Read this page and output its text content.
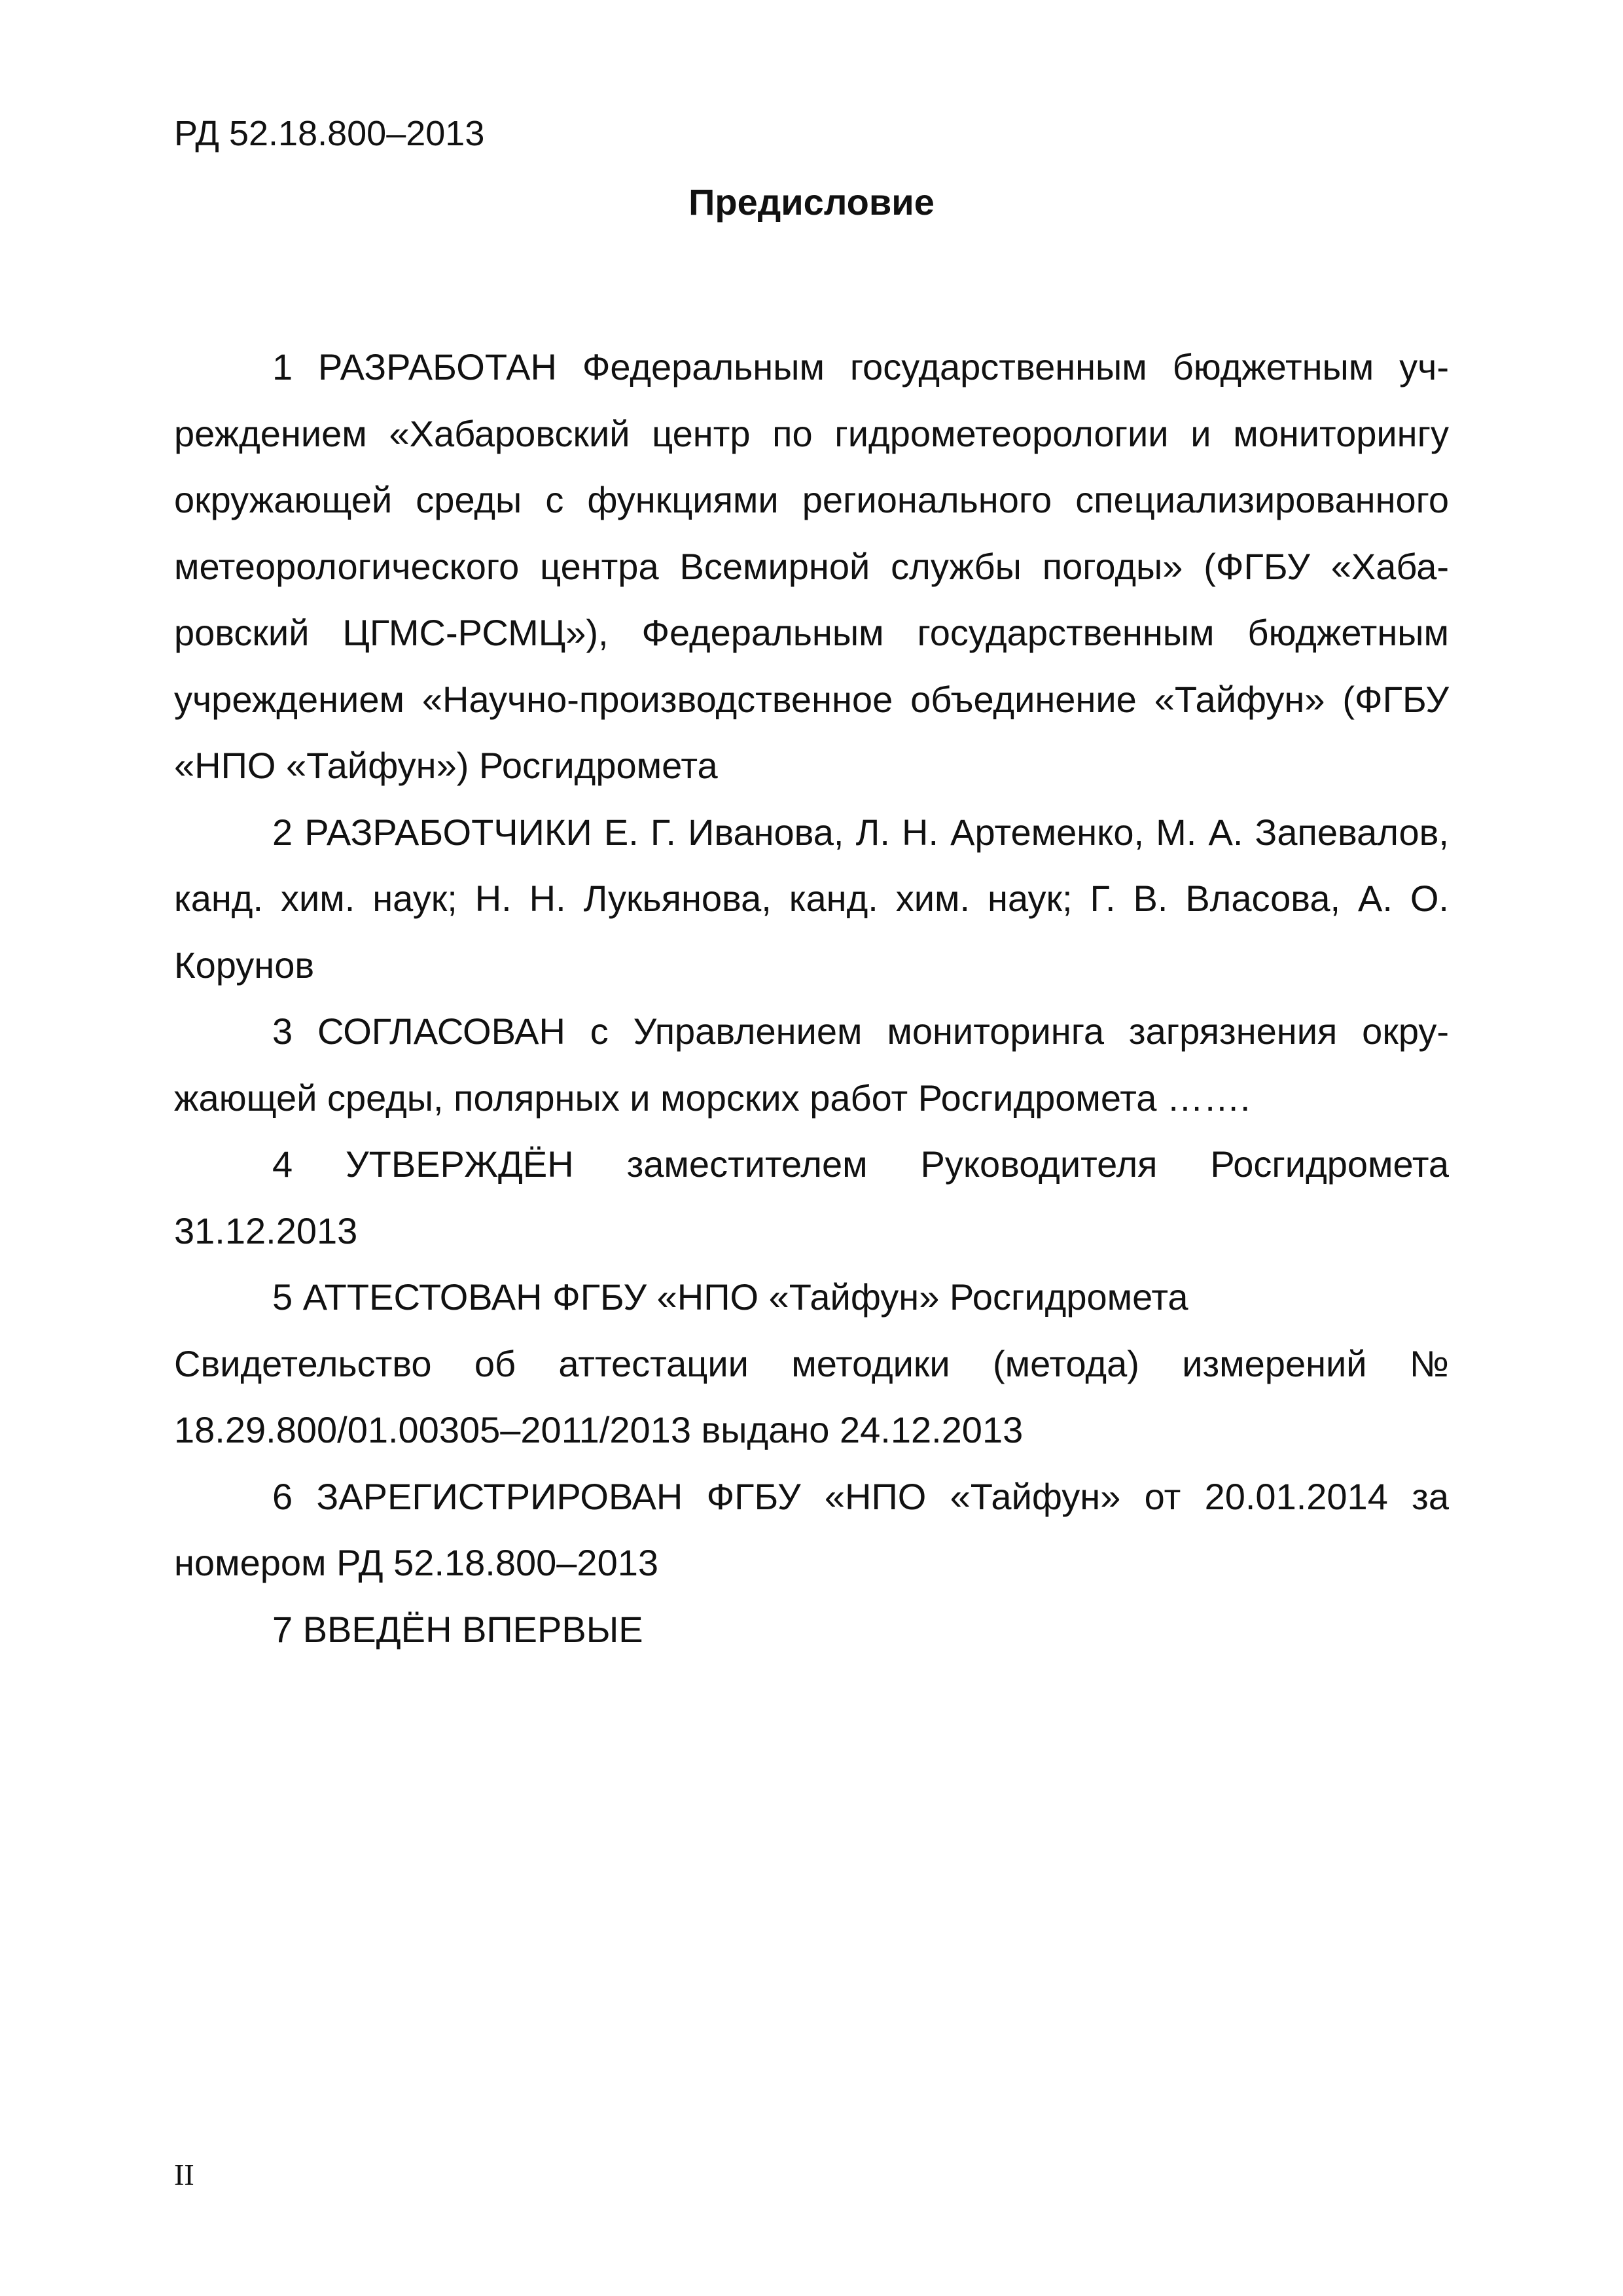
РД 52.18.800–2013
Предисловие

1 РАЗРАБОТАН Федеральным государственным бюджетным учреждением «Хабаровский центр по гидрометеорологии и мониторингу окружающей среды с функциями регионального специализированного метеорологического центра Всемирной службы погоды» (ФГБУ «Хабаровский ЦГМС-РСМЦ»), Федеральным государственным бюджетным учреждением «Научно-производственное объединение «Тайфун» (ФГБУ «НПО «Тайфун») Росгидромета

2 РАЗРАБОТЧИКИ Е. Г. Иванова, Л. Н. Артеменко, М. А. Запевалов, канд. хим. наук; Н. Н. Лукьянова, канд. хим. наук; Г. В. Власова, А. О. Корунов

3 СОГЛАСОВАН с Управлением мониторинга загрязнения окружающей среды, полярных и морских работ Росгидромета …….

4 УТВЕРЖДЁН заместителем Руководителя Росгидромета 31.12.2013

5 АТТЕСТОВАН ФГБУ «НПО «Тайфун» Росгидромета

Свидетельство об аттестации методики (метода) измерений № 18.29.800/01.00305–2011/2013 выдано 24.12.2013

6 ЗАРЕГИСТРИРОВАН ФГБУ «НПО «Тайфун» от 20.01.2014 за номером РД 52.18.800–2013

7 ВВЕДЁН ВПЕРВЫЕ

II
